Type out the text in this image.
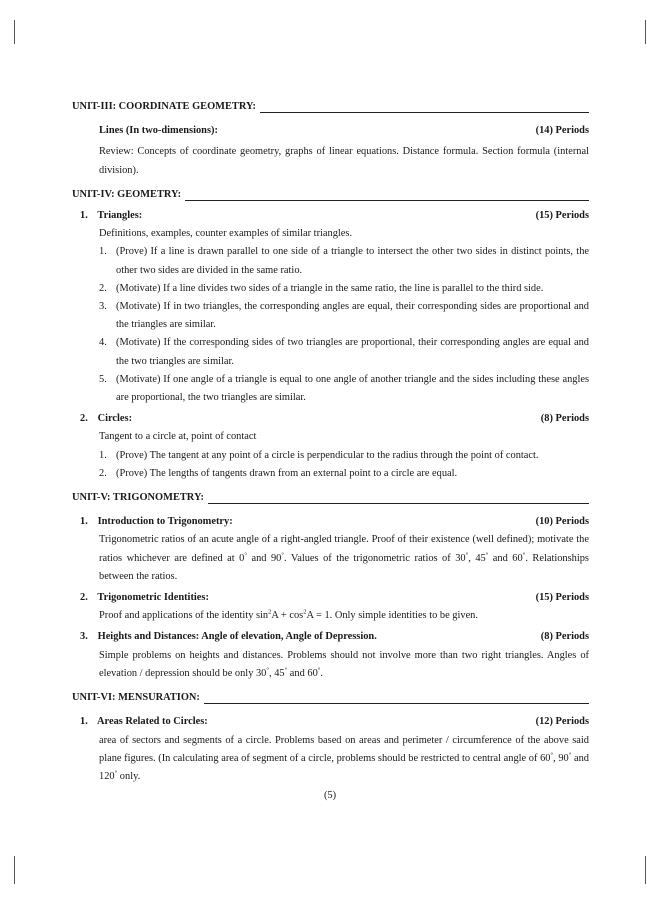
UNIT-III: COORDINATE GEOMETRY:
Lines (In two-dimensions):	(14) Periods
Review: Concepts of coordinate geometry, graphs of linear equations. Distance formula. Section formula (internal division).
UNIT-IV: GEOMETRY:
1. Triangles:	(15) Periods
Definitions, examples, counter examples of similar triangles.
1. (Prove) If a line is drawn parallel to one side of a triangle to intersect the other two sides in distinct points, the other two sides are divided in the same ratio.
2. (Motivate) If a line divides two sides of a triangle in the same ratio, the line is parallel to the third side.
3. (Motivate) If in two triangles, the corresponding angles are equal, their corresponding sides are proportional and the triangles are similar.
4. (Motivate) If the corresponding sides of two triangles are proportional, their corresponding angles are equal and the two triangles are similar.
5. (Motivate) If one angle of a triangle is equal to one angle of another triangle and the sides including these angles are proportional, the two triangles are similar.
2. Circles:	(8) Periods
Tangent to a circle at, point of contact
1. (Prove) The tangent at any point of a circle is perpendicular to the radius through the point of contact.
2. (Prove) The lengths of tangents drawn from an external point to a circle are equal.
UNIT-V: TRIGONOMETRY:
1. Introduction to Trigonometry:	(10) Periods
Trigonometric ratios of an acute angle of a right-angled triangle. Proof of their existence (well defined); motivate the ratios whichever are defined at 0° and 90°. Values of the trigonometric ratios of 30°, 45° and 60°. Relationships between the ratios.
2. Trigonometric Identities:	(15) Periods
Proof and applications of the identity $\sin^2A + \cos^2A = 1$. Only simple identities to be given.
3. Heights and Distances: Angle of elevation, Angle of Depression.	(8) Periods
Simple problems on heights and distances. Problems should not involve more than two right triangles. Angles of elevation / depression should be only 30°, 45° and 60°.
UNIT-VI: MENSURATION:
1. Areas Related to Circles:	(12) Periods
area of sectors and segments of a circle. Problems based on areas and perimeter / circumference of the above said plane figures. (In calculating area of segment of a circle, problems should be restricted to central angle of 60°, 90° and 120° only.
(5)
